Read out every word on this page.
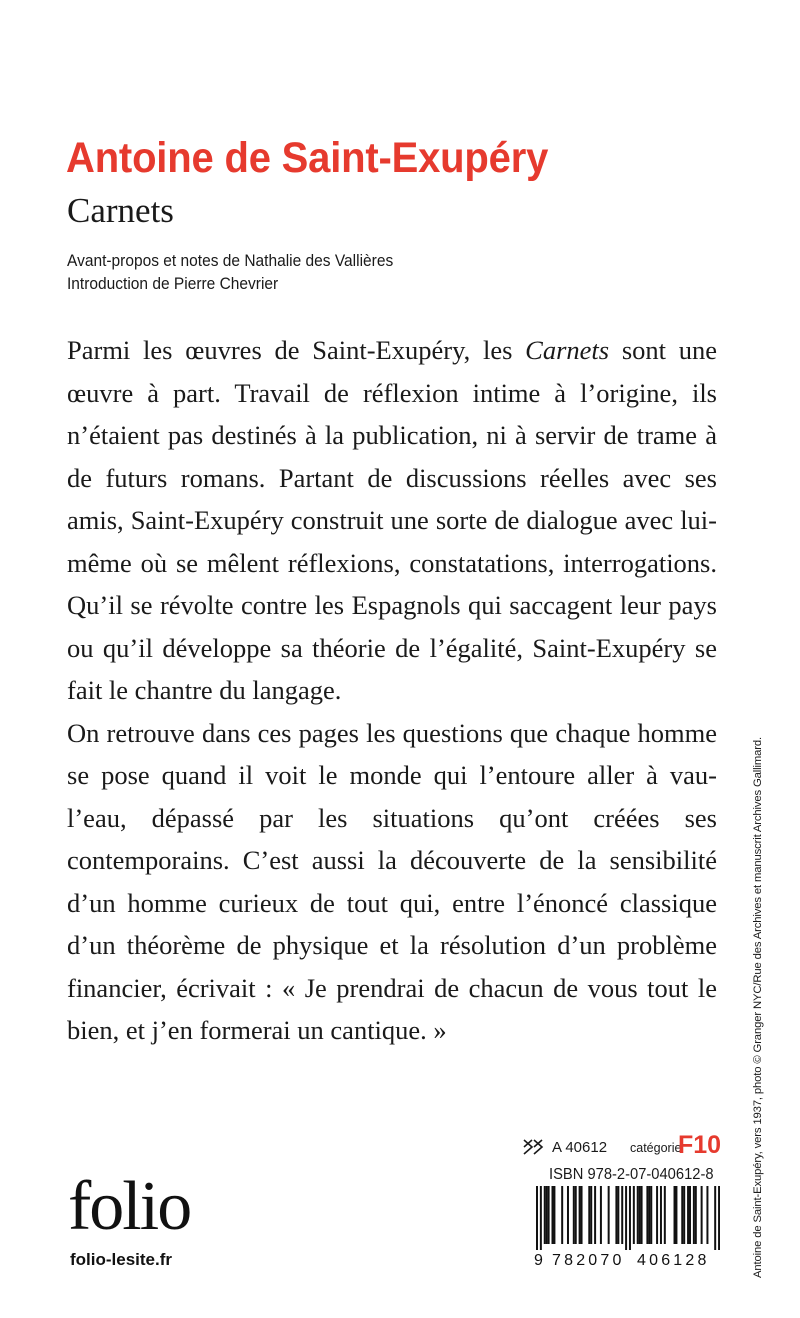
Antoine de Saint-Exupéry
Carnets
Avant-propos et notes de Nathalie des Vallières
Introduction de Pierre Chevrier

Parmi les œuvres de Saint-Exupéry, les Carnets sont une œuvre à part. Travail de réflexion intime à l’origine, ils n’étaient pas destinés à la publication, ni à servir de trame à de futurs romans. Partant de discussions réelles avec ses amis, Saint-Exupéry construit une sorte de dialogue avec lui-même où se mêlent réflexions, constatations, interrogations. Qu’il se révolte contre les Espagnols qui saccagent leur pays ou qu’il développe sa théorie de l’égalité, Saint-Exupéry se fait le chantre du langage.

On retrouve dans ces pages les questions que chaque homme se pose quand il voit le monde qui l’entoure aller à vau-l’eau, dépassé par les situations qu’ont créées ses contemporains. C’est aussi la découverte de la sensibilité d’un homme curieux de tout qui, entre l’énoncé classique d’un théorème de physique et la résolution d’un problème financier, écrivait : « Je prendrai de chacun de vous tout le bien, et j’en formerai un cantique. »	Antoine de Saint-Exupéry, vers 1937, photo © Granger NYC/Rue des Archives et manuscrit Archives Gallimard.
A 40612 catégorie
F10
ISBN 978-2-07-040612-8
9 782070 406128
folio
folio-lesite.fr
